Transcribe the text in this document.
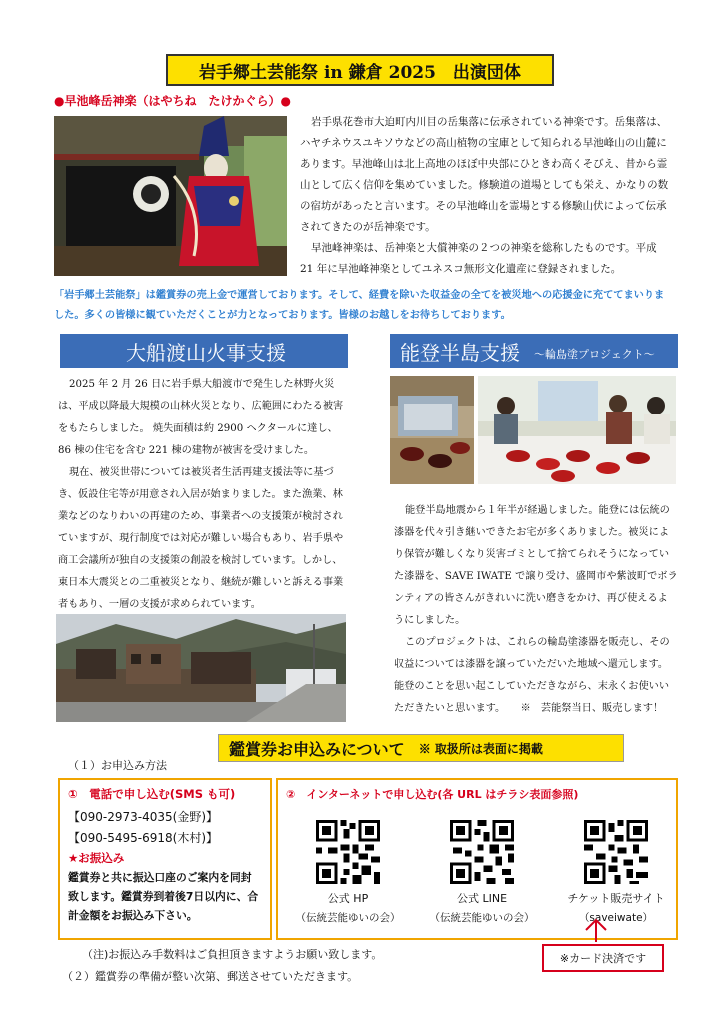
岩手郷土芸能祭 in 鎌倉 2025　出演団体
●早池峰岳神楽（はやちね　たけかぐら）●

岩手県花巻市大迫町内川目の岳集落に伝承されている神楽です。岳集落は、ハヤチネウスユキソウなどの高山植物の宝庫として知られる早池峰山の山麓にあります。早池峰山は北上高地のほぼ中央部にひときわ高くそびえ、昔から霊山として広く信仰を集めていました。修験道の道場としても栄え、かなりの数の宿坊があったと言います。その早池峰山を霊場とする修験山伏によって伝承されてきたのが岳神楽です。

早池峰神楽は、岳神楽と大償神楽の２つの神楽を総称したものです。平成 21 年に早池峰神楽としてユネスコ無形文化遺産に登録されました。

「岩手郷土芸能祭」は鑑賞券の売上金で運営しております。そして、経費を除いた収益金の全てを被災地への応援金に充ててまいりました。多くの皆様に観ていただくことが力となっております。皆様のお越しをお待ちしております。
大船渡山火事支援

2025 年 2 月 26 日に岩手県大船渡市で発生した林野火災は、平成以降最大規模の山林火災となり、広範囲にわたる被害をもたらしました。 焼失面積は約 2900 ヘクタールに達し、86 棟の住宅を含む 221 棟の建物が被害を受けました。

現在、被災世帯については被災者生活再建支援法等に基づき、仮設住宅等が用意され入居が始まりました。また漁業、林業などのなりわいの再建のため、事業者への支援策が検討されていますが、現行制度では対応が難しい場合もあり、岩手県や商工会議所が独自の支援策の創設を検討しています。しかし、東日本大震災との二重被災となり、継続が難しいと訴える事業者もあり、一層の支援が求められています。

能登半島支援 ～輪島塗プロジェクト～

能登半島地震から１年半が経過しました。能登には伝統の漆器を代々引き継いできたお宅が多くありました。被災により保管が難しくなり災害ゴミとして捨てられそうになっていた漆器を、SAVE IWATE で譲り受け、盛岡市や紫波町でボランティアの皆さんがきれいに洗い磨きをかけ、再び使えるようにしました。

このプロジェクトは、これらの輪島塗漆器を販売し、その収益については漆器を譲っていただいた地域へ還元します。

能登のことを思い起こしていただきながら、末永くお使いいただきたいと思います。　　※　芸能祭当日、販売します！

鑑賞券お申込みについて ※ 取扱所は表面に掲載
（１）お申込み方法
①　電話で申し込む(SMS も可)
【090-2973-4035(金野)】
【090-5495-6918(木村)】
★お振込み
鑑賞券と共に振込口座のご案内を同封致します。鑑賞券到着後7日以内に、合計金額をお振込み下さい。
②　インターネットで申し込む(各 URL はチラシ表面参照)
公式 HP
（伝統芸能ゆいの会）
公式 LINE
（伝統芸能ゆいの会）
チケット販売サイト
（saveiwate）
※カード決済です
（注)お振込み手数料はご負担頂きますようお願い致します。
（２）鑑賞券の準備が整い次第、郵送させていただきます。
